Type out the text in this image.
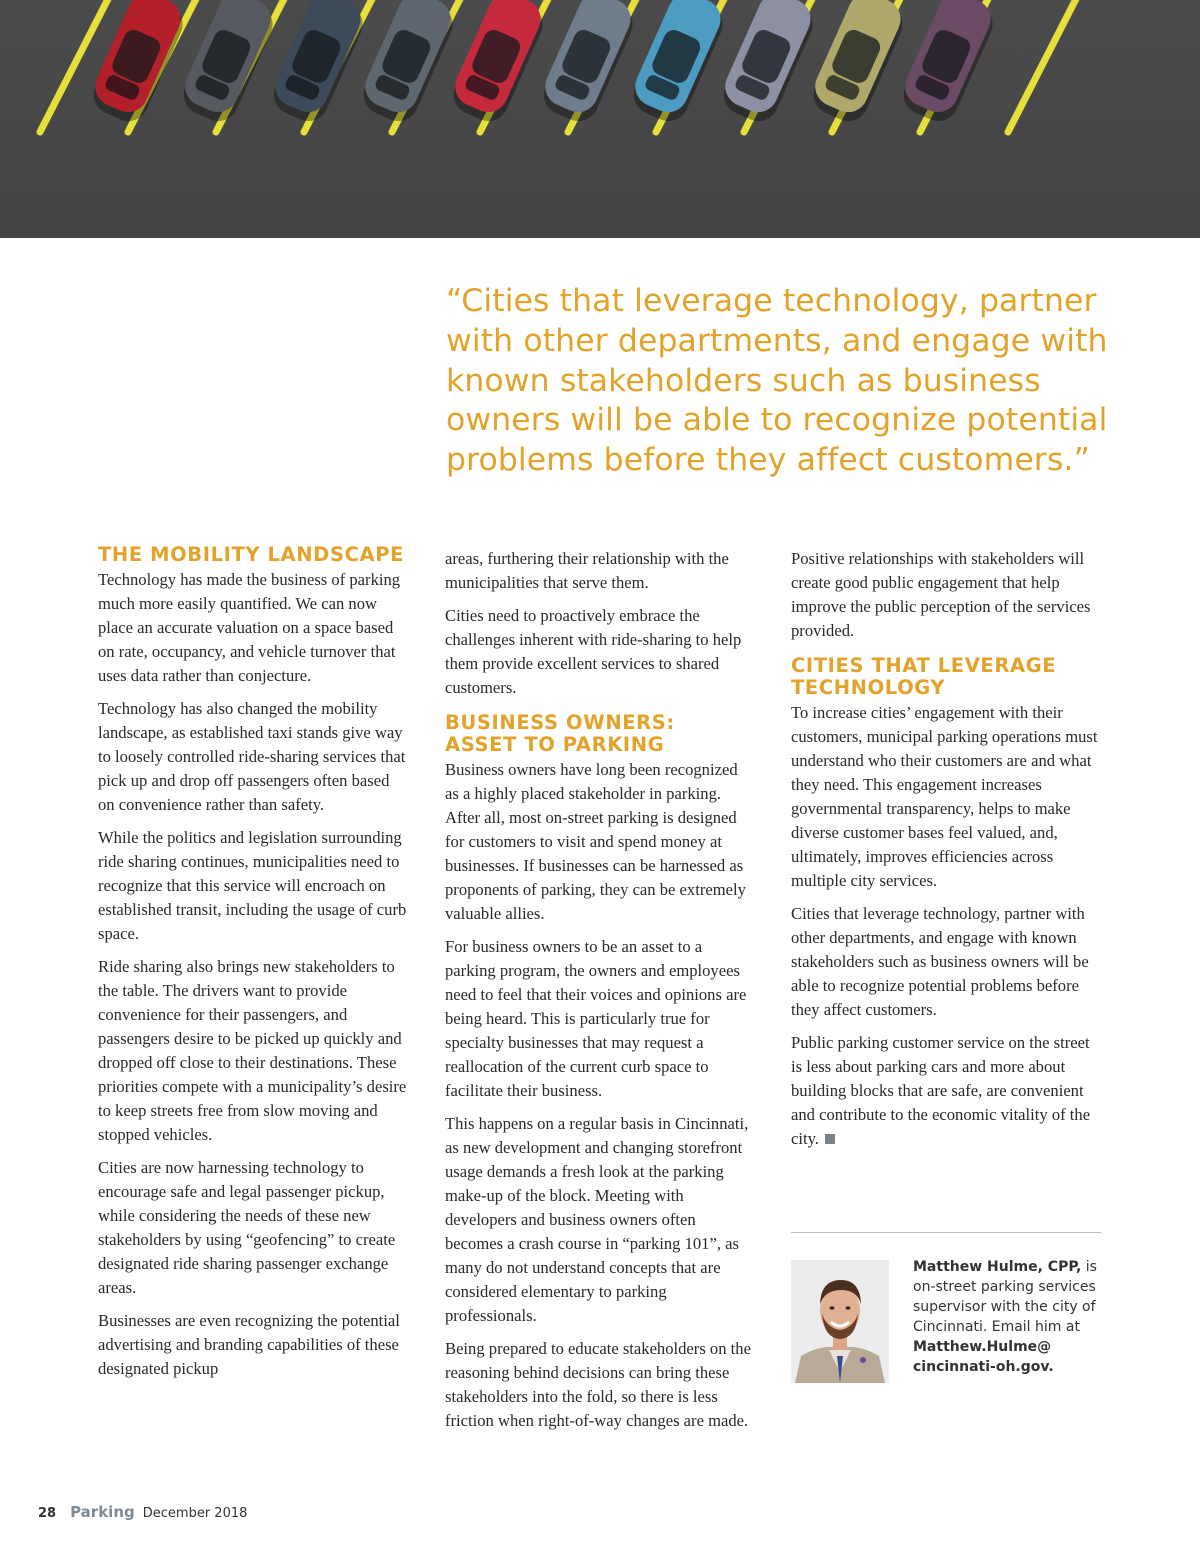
“Cities that leverage technology, partner with other departments, and engage with known stakeholders such as business owners will be able to recognize potential problems before they affect customers.”
THE MOBILITY LANDSCAPE

Technology has made the business of parking much more easily quantified. We can now place an accurate valuation on a space based on rate, occupancy, and vehicle turnover that uses data rather than conjecture.

Technology has also changed the mobility landscape, as established taxi stands give way to loosely controlled ride-sharing services that pick up and drop off passengers often based on convenience rather than safety.

While the politics and legislation surrounding ride sharing continues, municipalities need to recognize that this service will encroach on established transit, including the usage of curb space.

Ride sharing also brings new stakeholders to the table. The drivers want to provide convenience for their passengers, and passengers desire to be picked up quickly and dropped off close to their destinations. These priorities compete with a municipality’s desire to keep streets free from slow moving and stopped vehicles.

Cities are now harnessing technology to encourage safe and legal passenger pickup, while considering the needs of these new stakeholders by using “geofencing” to create designated ride sharing passenger exchange areas.

Businesses are even recognizing the potential advertising and branding capabilities of these designated pickup

areas, furthering their relationship with the municipalities that serve them.

Cities need to proactively embrace the challenges inherent with ride-sharing to help them provide excellent services to shared customers.

BUSINESS OWNERS: ASSET TO PARKING

Business owners have long been recognized as a highly placed stakeholder in parking. After all, most on-street parking is designed for customers to visit and spend money at businesses. If businesses can be harnessed as proponents of parking, they can be extremely valuable allies.

For business owners to be an asset to a parking program, the owners and employees need to feel that their voices and opinions are being heard. This is particularly true for specialty businesses that may request a reallocation of the current curb space to facilitate their business.

This happens on a regular basis in Cincinnati, as new development and changing storefront usage demands a fresh look at the parking make-up of the block. Meeting with developers and business owners often becomes a crash course in “parking 101”, as many do not understand concepts that are considered elementary to parking professionals.

Being prepared to educate stakeholders on the reasoning behind decisions can bring these stakeholders into the fold, so there is less friction when right-of-way changes are made.

Positive relationships with stakeholders will create good public engagement that help improve the public perception of the services provided.

CITIES THAT LEVERAGE TECHNOLOGY

To increase cities’ engagement with their customers, municipal parking operations must understand who their customers are and what they need. This engagement increases governmental transparency, helps to make diverse customer bases feel valued, and, ultimately, improves efficiencies across multiple city services.

Cities that leverage technology, partner with other departments, and engage with known stakeholders such as business owners will be able to recognize potential problems before they affect customers.

Public parking customer service on the street is less about parking cars and more about building blocks that are safe, are convenient and contribute to the economic vitality of the city.

Matthew Hulme, CPP, is on-street parking services supervisor with the city of Cincinnati. Email him at Matthew.Hulme@ cincinnati-oh.gov.
28 Parking December 2018
